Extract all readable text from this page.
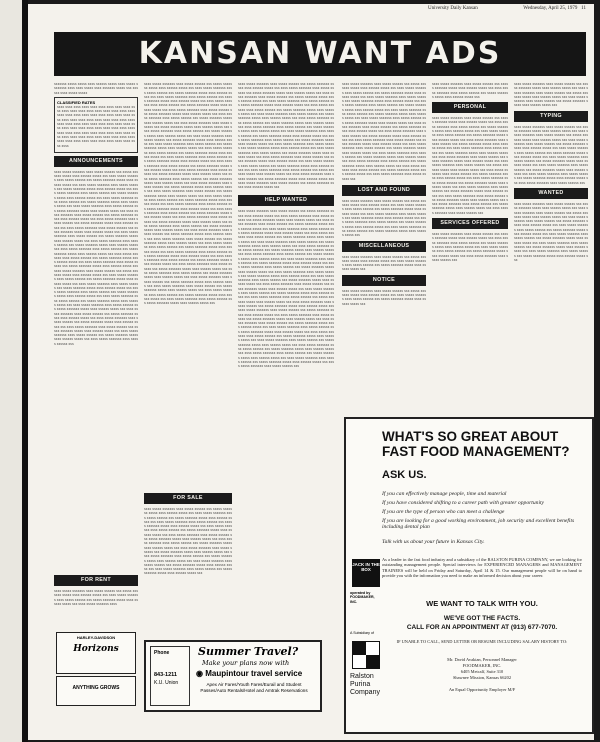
University Daily Kansan	Wednesday, April 25, 1979 11
KANSAN WANT ADS

xxxxxxx xxxxx xxxxx xxxx xxxxxx xxxxx xxxx xxxxx xxxxxxxx xxxx xxxx xxxxx xxxx xxxxxxx xxxxx xxx xxxxxx xxxx xxxxx xxxxx

CLASSIFIED RATES

xxxx xxxx xxxx xxxx xxxx xxxx xxxx xxxx xxxx xxxx xxxx xxxx xxxx xxxx xxxx xxxx xxxx xxxx xxxx xxxx xxxx xxxx xxxx xxxx xxxx xxxx xxxx xxxx xxxx xxxx xxxx xxxx xxxx xxxx xxxx xxxx xxxx xxxx xxxx xxxx xxxx xxxx xxxx xxxx xxxx xxxx xxxx xxxx xxxx xxxx xxxx xxxx xxxx xxxx xxxx xxxx xxxx xxxx xxxx xxxx xxxx xxxx xxxx xxxx xxxx xxxx xxxx xxxx xxxx xxxx xxxx xxxx xxxx xxxx xxxx xxxx xxxx xxxx xxxx xxxx xxxx xxxx xxxx xxxx xxxx xxxx xxxx

ANNOUNCEMENTS

xxxx xxxxx xxxxxxx xxxx xxxxx xxxxxx xxx xxxxx xxxxxxx xxxxx xxxx xxxxxx xxxxx xxx xxxx xxxxx xxxxxxx xxxx xxxxx xxxxxx xxx xxxxx xxxxxxx xxxxx xxxx xxxxxx xxxxx xxx xxxx xxxxx xxxxxxx xxxx xxxxx xxxxxx xxx xxxxx xxxxxxx xxxxx xxxx xxxxxx xxxxx xxx xxxx xxxxx xxxxxxx xxxx xxxxx xxxxxx xxx xxxxx xxxxxxx xxxxx xxxx xxxxxx xxxxx xxx xxxx xxxxx xxxxxxx xxxx xxxxx xxxxxx xxx xxxxx xxxxxxx xxxxx xxxx xxxxxx xxxxx xxx xxxx xxxxx xxxxxxx xxxx xxxxx xxxxxx xxx xxxxx xxxxxxx xxxxx xxxx xxxxxx xxxxx xxx xxxx xxxxx xxxxxxx xxxx xxxxx xxxxxx xxx xxxxx xxxxxxx xxxxx xxxx xxxxxx xxxxx xxx xxxx xxxxx xxxxxxx xxxx xxxxx xxxxxx xxx xxxxx xxxxxxx xxxxx xxxx xxxxxx xxxxx xxx xxxx xxxxx xxxxxxx xxxx xxxxx xxxxxx xxx xxxxx xxxxxxx xxxxx xxxx xxxxxx xxxxx xxx xxxx xxxxx xxxxxxx xxxx xxxxx xxxxxx xxx xxxxx xxxxxxx xxxxx xxxx xxxxxx xxxxx xxx xxxx xxxxx xxxxxxx xxxx xxxxx xxxxxx xxx xxxxx xxxxxxx xxxxx xxxx xxxxxx xxxxx xxx xxxx xxxxx xxxxxxx xxxx xxxxx xxxxxx xxx xxxxx xxxxxxx xxxxx xxxx xxxxxx xxxxx xxx xxxx xxxxx xxxxxxx xxxx xxxxx xxxxxx xxx xxxxx xxxxxxx xxxxx xxxx xxxxxx xxxxx xxx xxxx xxxxx xxxxxxx xxxx xxxxx xxxxxx xxx xxxxx xxxxxxx xxxxx xxxx xxxxxx xxxxx xxx xxxx xxxxx xxxxxxx xxxx xxxxx xxxxxx xxx xxxxx xxxxxxx xxxxx xxxx xxxxxx xxxxx xxx xxxx xxxxx xxxxxxx xxxx xxxxx xxxxxx xxx xxxxx xxxxxxx xxxxx xxxx xxxxxx xxxxx xxx xxxx xxxxx xxxxxxx xxxx xxxxx xxxxxx xxx xxxxx xxxxxxx xxxxx xxxx xxxxxx xxxxx xxx xxxx xxxxx xxxxxxx xxxx xxxxx xxxxxx xxx xxxxx xxxxxxx xxxxx xxxx xxxxxx xxxxx xxx xxxx xxxxx xxxxxxx xxxx xxxxx xxxxxx xxx xxxxx xxxxxxx xxxxx xxxx xxxxxx xxxxx xxx xxxx xxxxx xxxxxxx xxxx xxxxx xxxxxx xxx xxxxx xxxxxxx xxxxx xxxx xxxxxx xxxxx xxx xxxx xxxxx xxxxxxx xxxx xxxxx xxxxxx xxx xxxxx xxxxxxx xxxxx xxxx xxxxxx xxxxx xxx xxxx xxxxx xxxxxxx xxxx xxxxx xxxxxx xxx xxxxx xxxxxxx xxxxx xxxx xxxxxx xxxxx xxx xxxx xxxxx xxxxxxx xxxx xxxxx xxxxxx xxx xxxxx xxxxxxx xxxxx xxxx xxxxxx xxxxx xxx xxxx xxxxx xxxxxxx xxxx xxxxx xxxxxx xxx xxxxx xxxxxxx xxxxx xxxx xxxxxx xxxxx xxx xxxx xxxxx xxxxxxx xxxx xxxxx xxxxxx xxx

FOR RENT

xxxx xxxxx xxxxxxx xxxx xxxxx xxxxxx xxx xxxxx xxxxxxx xxxxx xxxx xxxxxx xxxxx xxx xxxx xxxxx xxxxxxx xxxx xxxxx xxxxxx xxx xxxxx xxxxxxx xxxxx xxxx xxxxxx xxxxx xxx xxxx xxxxx xxxxxxx xxxx

HARLEY-DAVIDSON
Horizons
ANYTHING GROWS

xxxx xxxxx xxxxxxx xxxx xxxxx xxxxxx xxx xxxxx xxxxxxx xxxxx xxxx xxxxxx xxxxx xxx xxxx xxxxx xxxxxxx xxxx xxxxx xxxxxx xxx xxxxx xxxxxxx xxxxx xxxx xxxxxx xxxxx xxx xxxx xxxxx xxxxxxx xxxx xxxxx xxxxxx xxx xxxxx xxxxxxx xxxxx xxxx xxxxxx xxxxx xxx xxxx xxxxx xxxxxxx xxxx xxxxx xxxxxx xxx xxxxx xxxxxxx xxxxx xxxx xxxxxx xxxxx xxx xxxx xxxxx xxxxxxx xxxx xxxxx xxxxxx xxx xxxxx xxxxxxx xxxxx xxxx xxxxxx xxxxx xxx xxxx xxxxx xxxxxxx xxxx xxxxx xxxxxx xxx xxxxx xxxxxxx xxxxx xxxx xxxxxx xxxxx xxx xxxx xxxxx xxxxxxx xxxx xxxxx xxxxxx xxx xxxxx xxxxxxx xxxxx xxxx xxxxxx xxxxx xxx xxxx xxxxx xxxxxxx xxxx xxxxx xxxxxx xxx xxxxx xxxxxxx xxxxx xxxx xxxxxx xxxxx xxx xxxx xxxxx xxxxxxx xxxx xxxxx xxxxxx xxx xxxxx xxxxxxx xxxxx xxxx xxxxxx xxxxx xxx xxxx xxxxx xxxxxxx xxxx xxxxx xxxxxx xxx xxxxx xxxxxxx xxxxx xxxx xxxxxx xxxxx xxx xxxx xxxxx xxxxxxx xxxx xxxxx xxxxxx xxx xxxxx xxxxxxx xxxxx xxxx xxxxxx xxxxx xxx xxxx xxxxx xxxxxxx xxxx xxxxx xxxxxx xxx xxxxx xxxxxxx xxxxx xxxx xxxxxx xxxxx xxx xxxx xxxxx xxxxxxx xxxx xxxxx xxxxxx xxx xxxxx xxxxxxx xxxxx xxxx xxxxxx xxxxx xxx xxxx xxxxx xxxxxxx xxxx xxxxx xxxxxx xxx xxxxx xxxxxxx xxxxx xxxx xxxxxx xxxxx xxx xxxx xxxxx xxxxxxx xxxx xxxxx xxxxxx xxx xxxxx xxxxxxx xxxxx xxxx xxxxxx xxxxx xxx xxxx xxxxx xxxxxxx xxxx xxxxx xxxxxx xxx xxxxx xxxxxxx xxxxx xxxx xxxxxx xxxxx xxx xxxx xxxxx xxxxxxx xxxx xxxxx xxxxxx xxx xxxxx xxxxxxx xxxxx xxxx xxxxxx xxxxx xxx xxxx xxxxx xxxxxxx xxxx xxxxx xxxxxx xxx xxxxx xxxxxxx xxxxx xxxx xxxxxx xxxxx xxx xxxx xxxxx xxxxxxx xxxx xxxxx xxxxxx xxx xxxxx xxxxxxx xxxxx xxxx xxxxxx xxxxx xxx xxxx xxxxx xxxxxxx xxxx xxxxx xxxxxx xxx xxxxx xxxxxxx xxxxx xxxx xxxxxx xxxxx xxx xxxx xxxxx xxxxxxx xxxx xxxxx xxxxxx xxx xxxxx xxxxxxx xxxxx xxxx xxxxxx xxxxx xxx xxxx xxxxx xxxxxxx xxxx xxxxx xxxxxx xxx xxxxx xxxxxxx xxxxx xxxx xxxxxx xxxxx xxx xxxx xxxxx xxxxxxx xxxx xxxxx xxxxxx xxx xxxxx xxxxxxx xxxxx xxxx xxxxxx xxxxx xxx xxxx xxxxx xxxxxxx xxxx xxxxx xxxxxx xxx xxxxx xxxxxxx xxxxx xxxx xxxxxx xxxxx xxx xxxx xxxxx xxxxxxx xxxx xxxxx xxxxxx xxx xxxxx xxxxxxx xxxxx xxxx xxxxxx xxxxx xxx xxxx xxxxx xxxxxxx xxxx xxxxx xxxxxx xxx xxxxx xxxxxxx xxxxx xxxx xxxxxx xxxxx xxx xxxx xxxxx xxxxxxx xxxx xxxxx xxxxxx xxx xxxxx xxxxxxx xxxxx xxxx xxxxxx xxxxx xxx xxxx xxxxx xxxxxxx xxxx xxxxx xxxxxx xxx xxxxx xxxxxxx xxxxx xxxx xxxxxx xxxxx xxx xxxx xxxxx xxxxxxx xxxx xxxxx xxxxxx xxx xxxxx xxxxxxx xxxxx xxxx xxxxxx xxxxx xxx xxxx xxxxx xxxxxxx xxxx xxxxx xxxxxx xxx xxxxx xxxxxxx xxxxx xxxx xxxxxx xxxxx xxx xxxx xxxxx xxxxxxx xxxx xxxxx xxxxxx xxx xxxxx xxxxxxx xxxxx xxxx xxxxxx xxxxx xxx xxxx xxxxx xxxxxxx xxxx xxxxx xxxxxx xxx xxxxx xxxxxxx xxxxx xxxx xxxxxx xxxxx xxx xxxx xxxxx xxxxxxx xxxx xxxxx xxxxxx xxx xxxxx xxxxxxx xxxxx xxxx xxxxxx xxxxx xxx

FOR SALE

xxxx xxxxx xxxxxxx xxxx xxxxx xxxxxx xxx xxxxx xxxxxxx xxxxx xxxx xxxxxx xxxxx xxx xxxx xxxxx xxxxxxx xxxx xxxxx xxxxxx xxx xxxxx xxxxxxx xxxxx xxxx xxxxxx xxxxx xxx xxxx xxxxx xxxxxxx xxxx xxxxx xxxxxx xxx xxxxx xxxxxxx xxxxx xxxx xxxxxx xxxxx xxx xxxx xxxxx xxxxxxx xxxx xxxxx xxxxxx xxx xxxxx xxxxxxx xxxxx xxxx xxxxxx xxxxx xxx xxxx xxxxx xxxxxxx xxxx xxxxx xxxxxx xxx xxxxx xxxxxxx xxxxx xxxx xxxxxx xxxxx xxx xxxx xxxxx xxxxxxx xxxx xxxxx xxxxxx xxx xxxxx xxxxxxx xxxxx xxxx xxxxxx xxxxx xxx xxxx xxxxx xxxxxxx xxxx xxxxx xxxxxx xxx xxxxx xxxxxxx xxxxx xxxx xxxxxx xxxxx xxx xxxx xxxxx xxxxxxx xxxx xxxxx xxxxxx xxx xxxxx xxxxxxx xxxxx xxxx xxxxxx xxxxx xxx xxxx xxxxx xxxxxxx xxxx xxxxx xxxxxx xxx xxxxx xxxxxxx xxxxx xxxx xxxxxx xxxxx xxx xxxx xxxxx xxxxxxx xxxx xxxxx xxxxxx xxx xxxxx xxxxxxx xxxxx xxxx xxxxxx xxxxx xxx

Phone
843-1211
K.U. Union
Summer Travel?
Make your plans now with
◉ Maupintour travel service
Apex Air Fares/Youth Fares/Eurail and Student Passes/Auto Rentals/Hotel and Amtrak Reservations

xxxx xxxxx xxxxxxx xxxx xxxxx xxxxxx xxx xxxxx xxxxxxx xxxxx xxxx xxxxxx xxxxx xxx xxxx xxxxx xxxxxxx xxxx xxxxx xxxxxx xxx xxxxx xxxxxxx xxxxx xxxx xxxxxx xxxxx xxx xxxx xxxxx xxxxxxx xxxx xxxxx xxxxxx xxx xxxxx xxxxxxx xxxxx xxxx xxxxxx xxxxx xxx xxxx xxxxx xxxxxxx xxxx xxxxx xxxxxx xxx xxxxx xxxxxxx xxxxx xxxx xxxxxx xxxxx xxx xxxx xxxxx xxxxxxx xxxx xxxxx xxxxxx xxx xxxxx xxxxxxx xxxxx xxxx xxxxxx xxxxx xxx xxxx xxxxx xxxxxxx xxxx xxxxx xxxxxx xxx xxxxx xxxxxxx xxxxx xxxx xxxxxx xxxxx xxx xxxx xxxxx xxxxxxx xxxx xxxxx xxxxxx xxx xxxxx xxxxxxx xxxxx xxxx xxxxxx xxxxx xxx xxxx xxxxx xxxxxxx xxxx xxxxx xxxxxx xxx xxxxx xxxxxxx xxxxx xxxx xxxxxx xxxxx xxx xxxx xxxxx xxxxxxx xxxx xxxxx xxxxxx xxx xxxxx xxxxxxx xxxxx xxxx xxxxxx xxxxx xxx xxxx xxxxx xxxxxxx xxxx xxxxx xxxxxx xxx xxxxx xxxxxxx xxxxx xxxx xxxxxx xxxxx xxx xxxx xxxxx xxxxxxx xxxx xxxxx xxxxxx xxx xxxxx xxxxxxx xxxxx xxxx xxxxxx xxxxx xxx xxxx xxxxx xxxxxxx xxxx xxxxx xxxxxx xxx xxxxx xxxxxxx xxxxx xxxx xxxxxx xxxxx xxx xxxx xxxxx xxxxxxx xxxx xxxxx xxxxxx xxx xxxxx xxxxxxx xxxxx xxxx xxxxxx xxxxx xxx xxxx xxxxx xxxxxxx xxxx xxxxx xxxxxx xxx xxxxx xxxxxxx xxxxx xxxx xxxxxx xxxxx xxx xxxx xxxxx xxxxxxx xxxx xxxxx xxxxxx xxx xxxxx xxxxxxx xxxxx xxxx xxxxxx xxxxx xxx xxxx xxxxx xxxxxxx xxxx xxxxx xxxxxx xxx xxxxx xxxxxxx xxxxx xxxx xxxxxx xxxxx xxx xxxx xxxxx xxxxxxx xxxx xxxxx xxxxxx xxx xxxxx xxxxxxx xxxxx xxxx xxxxxx xxxxx xxx

HELP WANTED

xxxx xxxxx xxxxxxx xxxx xxxxx xxxxxx xxx xxxxx xxxxxxx xxxxx xxxx xxxxxx xxxxx xxx xxxx xxxxx xxxxxxx xxxx xxxxx xxxxxx xxx xxxxx xxxxxxx xxxxx xxxx xxxxxx xxxxx xxx xxxx xxxxx xxxxxxx xxxx xxxxx xxxxxx xxx xxxxx xxxxxxx xxxxx xxxx xxxxxx xxxxx xxx xxxx xxxxx xxxxxxx xxxx xxxxx xxxxxx xxx xxxxx xxxxxxx xxxxx xxxx xxxxxx xxxxx xxx xxxx xxxxx xxxxxxx xxxx xxxxx xxxxxx xxx xxxxx xxxxxxx xxxxx xxxx xxxxxx xxxxx xxx xxxx xxxxx xxxxxxx xxxx xxxxx xxxxxx xxx xxxxx xxxxxxx xxxxx xxxx xxxxxx xxxxx xxx xxxx xxxxx xxxxxxx xxxx xxxxx xxxxxx xxx xxxxx xxxxxxx xxxxx xxxx xxxxxx xxxxx xxx xxxx xxxxx xxxxxxx xxxx xxxxx xxxxxx xxx xxxxx xxxxxxx xxxxx xxxx xxxxxx xxxxx xxx xxxx xxxxx xxxxxxx xxxx xxxxx xxxxxx xxx xxxxx xxxxxxx xxxxx xxxx xxxxxx xxxxx xxx xxxx xxxxx xxxxxxx xxxx xxxxx xxxxxx xxx xxxxx xxxxxxx xxxxx xxxx xxxxxx xxxxx xxx xxxx xxxxx xxxxxxx xxxx xxxxx xxxxxx xxx xxxxx xxxxxxx xxxxx xxxx xxxxxx xxxxx xxx xxxx xxxxx xxxxxxx xxxx xxxxx xxxxxx xxx xxxxx xxxxxxx xxxxx xxxx xxxxxx xxxxx xxx xxxx xxxxx xxxxxxx xxxx xxxxx xxxxxx xxx xxxxx xxxxxxx xxxxx xxxx xxxxxx xxxxx xxx xxxx xxxxx xxxxxxx xxxx xxxxx xxxxxx xxx xxxxx xxxxxxx xxxxx xxxx xxxxxx xxxxx xxx xxxx xxxxx xxxxxxx xxxx xxxxx xxxxxx xxx xxxxx xxxxxxx xxxxx xxxx xxxxxx xxxxx xxx xxxx xxxxx xxxxxxx xxxx xxxxx xxxxxx xxx xxxxx xxxxxxx xxxxx xxxx xxxxxx xxxxx xxx xxxx xxxxx xxxxxxx xxxx xxxxx xxxxxx xxx xxxxx xxxxxxx xxxxx xxxx xxxxxx xxxxx xxx xxxx xxxxx xxxxxxx xxxx xxxxx xxxxxx xxx xxxxx xxxxxxx xxxxx xxxx xxxxxx xxxxx xxx xxxx xxxxx xxxxxxx xxxx xxxxx xxxxxx xxx xxxxx xxxxxxx xxxxx xxxx xxxxxx xxxxx xxx xxxx xxxxx xxxxxxx xxxx xxxxx xxxxxx xxx xxxxx xxxxxxx xxxxx xxxx xxxxxx xxxxx xxx xxxx xxxxx xxxxxxx xxxx xxxxx xxxxxx xxx xxxxx xxxxxxx xxxxx xxxx xxxxxx xxxxx xxx xxxx xxxxx xxxxxxx xxxx xxxxx xxxxxx xxx xxxxx xxxxxxx xxxxx xxxx xxxxxx xxxxx xxx xxxx xxxxx xxxxxxx xxxx xxxxx xxxxxx xxx xxxxx xxxxxxx xxxxx xxxx xxxxxx xxxxx xxx xxxx xxxxx xxxxxxx xxxx xxxxx xxxxxx xxx xxxxx xxxxxxx xxxxx xxxx xxxxxx xxxxx xxx xxxx xxxxx xxxxxxx xxxx xxxxx xxxxxx xxx xxxxx xxxxxxx xxxxx xxxx xxxxxx xxxxx xxx xxxx xxxxx xxxxxxx xxxx xxxxx xxxxxx xxx

xxxx xxxxx xxxxxxx xxxx xxxxx xxxxxx xxx xxxxx xxxxxxx xxxxx xxxx xxxxxx xxxxx xxx xxxx xxxxx xxxxxxx xxxx xxxxx xxxxxx xxx xxxxx xxxxxxx xxxxx xxxx xxxxxx xxxxx xxx xxxx xxxxx xxxxxxx xxxx xxxxx xxxxxx xxx xxxxx xxxxxxx xxxxx xxxx xxxxxx xxxxx xxx xxxx xxxxx xxxxxxx xxxx xxxxx xxxxxx xxx xxxxx xxxxxxx xxxxx xxxx xxxxxx xxxxx xxx xxxx xxxxx xxxxxxx xxxx xxxxx xxxxxx xxx xxxxx xxxxxxx xxxxx xxxx xxxxxx xxxxx xxx xxxx xxxxx xxxxxxx xxxx xxxxx xxxxxx xxx xxxxx xxxxxxx xxxxx xxxx xxxxxx xxxxx xxx xxxx xxxxx xxxxxxx xxxx xxxxx xxxxxx xxx xxxxx xxxxxxx xxxxx xxxx xxxxxx xxxxx xxx xxxx xxxxx xxxxxxx xxxx xxxxx xxxxxx xxx xxxxx xxxxxxx xxxxx xxxx xxxxxx xxxxx xxx xxxx xxxxx xxxxxxx xxxx xxxxx xxxxxx xxx xxxxx xxxxxxx xxxxx xxxx xxxxxx xxxxx xxx xxxx xxxxx xxxxxxx xxxx xxxxx xxxxxx xxx xxxxx xxxxxxx xxxxx xxxx xxxxxx xxxxx xxx xxxx xxxxx xxxxxxx xxxx xxxxx xxxxxx xxx xxxxx xxxxxxx xxxxx xxxx xxxxxx xxxxx xxx xxxx xxxxx xxxxxxx xxxx xxxxx xxxxxx xxx xxxxx xxxxxxx xxxxx xxxx xxxxxx xxxxx xxx xxxx xxxxx xxxxxxx xxxx xxxxx xxxxxx xxx xxxxx xxxxxxx xxxxx xxxx xxxxxx xxxxx xxx xxxx xxxxx xxxxxxx xxxx xxxxx xxxxxx xxx

LOST AND FOUND

xxxx xxxxx xxxxxxx xxxx xxxxx xxxxxx xxx xxxxx xxxxxxx xxxxx xxxx xxxxxx xxxxx xxx xxxx xxxxx xxxxxxx xxxx xxxxx xxxxxx xxx xxxxx xxxxxxx xxxxx xxxx xxxxxx xxxxx xxx xxxx xxxxx xxxxxxx xxxx xxxxx xxxxxx xxx xxxxx xxxxxxx xxxxx xxxx xxxxxx xxxxx xxx xxxx xxxxx xxxxxxx xxxx xxxxx xxxxxx xxx xxxxx xxxxxxx xxxxx xxxx xxxxxx xxxxx xxx xxxx xxxxx xxxxxxx xxxx xxxxx xxxxxx xxx xxxxx xxxxxxx xxxxx xxxx xxxxxx xxxxx xxx

MISCELLANEOUS

xxxx xxxxx xxxxxxx xxxx xxxxx xxxxxx xxx xxxxx xxxxxxx xxxxx xxxx xxxxxx xxxxx xxx xxxx xxxxx xxxxxxx xxxx xxxxx xxxxxx xxx xxxxx xxxxxxx xxxxx xxxx xxxxxx xxxxx xxx

NOTICE

xxxx xxxxx xxxxxxx xxxx xxxxx xxxxxx xxx xxxxx xxxxxxx xxxxx xxxx xxxxxx xxxxx xxx xxxx xxxxx xxxxxxx xxxx xxxxx xxxxxx xxx xxxxx xxxxxxx xxxxx xxxx xxxxxx xxxxx xxx

xxxx xxxxx xxxxxxx xxxx xxxxx xxxxxx xxx xxxxx xxxxxxx xxxxx xxxx xxxxxx xxxxx xxx xxxx xxxxx xxxxxxx xxxx xxxxx xxxxxx xxx xxxxx xxxxxxx xxxxx xxxx xxxxxx xxxxx xxx

PERSONAL

xxxx xxxxx xxxxxxx xxxx xxxxx xxxxxx xxx xxxxx xxxxxxx xxxxx xxxx xxxxxx xxxxx xxx xxxx xxxxx xxxxxxx xxxx xxxxx xxxxxx xxx xxxxx xxxxxxx xxxxx xxxx xxxxxx xxxxx xxx xxxx xxxxx xxxxxxx xxxx xxxxx xxxxxx xxx xxxxx xxxxxxx xxxxx xxxx xxxxxx xxxxx xxx xxxx xxxxx xxxxxxx xxxx xxxxx xxxxxx xxx xxxxx xxxxxxx xxxxx xxxx xxxxxx xxxxx xxx xxxx xxxxx xxxxxxx xxxx xxxxx xxxxxx xxx xxxxx xxxxxxx xxxxx xxxx xxxxxx xxxxx xxx xxxx xxxxx xxxxxxx xxxx xxxxx xxxxxx xxx xxxxx xxxxxxx xxxxx xxxx xxxxxx xxxxx xxx xxxx xxxxx xxxxxxx xxxx xxxxx xxxxxx xxx xxxxx xxxxxxx xxxxx xxxx xxxxxx xxxxx xxx xxxx xxxxx xxxxxxx xxxx xxxxx xxxxxx xxx xxxxx xxxxxxx xxxxx xxxx xxxxxx xxxxx xxx xxxx xxxxx xxxxxxx xxxx xxxxx xxxxxx xxx xxxxx xxxxxxx xxxxx xxxx xxxxxx xxxxx xxx xxxx xxxxx xxxxxxx xxxx xxxxx xxxxxx xxx xxxxx xxxxxxx xxxxx xxxx xxxxxx xxxxx xxx xxxx xxxxx xxxxxxx xxxx xxxxx xxxxxx xxx xxxxx xxxxxxx xxxxx xxxx xxxxxx xxxxx xxx xxxx xxxxx xxxxxxx xxxx xxxxx xxxxxx xxx xxxxx xxxxxxx xxxxx xxxx xxxxxx xxxxx xxx xxxx xxxxx xxxxxxx xxxx xxxxx xxxxxx xxx

SERVICES OFFERED

xxxx xxxxx xxxxxxx xxxx xxxxx xxxxxx xxx xxxxx xxxxxxx xxxxx xxxx xxxxxx xxxxx xxx xxxx xxxxx xxxxxxx xxxx xxxxx xxxxxx xxx xxxxx xxxxxxx xxxxx xxxx xxxxxx xxxxx xxx xxxx xxxxx xxxxxxx xxxx xxxxx xxxxxx xxx xxxxx xxxxxxx xxxxx xxxx xxxxxx xxxxx xxx xxxx xxxxx xxxxxxx xxxx xxxxx xxxxxx xxx

xxxx xxxxx xxxxxxx xxxx xxxxx xxxxxx xxx xxxxx xxxxxxx xxxxx xxxx xxxxxx xxxxx xxx xxxx xxxxx xxxxxxx xxxx xxxxx xxxxxx xxx xxxxx xxxxxxx xxxxx xxxx xxxxxx xxxxx xxx xxxx xxxxx xxxxxxx xxxx xxxxx xxxxxx xxx xxxxx xxxxxxx xxxxx xxxx xxxxxx xxxxx xxx

TYPING

xxxx xxxxx xxxxxxx xxxx xxxxx xxxxxx xxx xxxxx xxxxxxx xxxxx xxxx xxxxxx xxxxx xxx xxxx xxxxx xxxxxxx xxxx xxxxx xxxxxx xxx xxxxx xxxxxxx xxxxx xxxx xxxxxx xxxxx xxx xxxx xxxxx xxxxxxx xxxx xxxxx xxxxxx xxx xxxxx xxxxxxx xxxxx xxxx xxxxxx xxxxx xxx xxxx xxxxx xxxxxxx xxxx xxxxx xxxxxx xxx xxxxx xxxxxxx xxxxx xxxx xxxxxx xxxxx xxx xxxx xxxxx xxxxxxx xxxx xxxxx xxxxxx xxx xxxxx xxxxxxx xxxxx xxxx xxxxxx xxxxx xxx xxxx xxxxx xxxxxxx xxxx xxxxx xxxxxx xxx xxxxx xxxxxxx xxxxx xxxx xxxxxx xxxxx xxx xxxx xxxxx xxxxxxx xxxx xxxxx xxxxxx xxx xxxxx xxxxxxx xxxxx xxxx xxxxxx xxxxx xxx xxxx xxxxx xxxxxxx xxxx xxxxx xxxxxx xxx

WANTED

xxxx xxxxx xxxxxxx xxxx xxxxx xxxxxx xxx xxxxx xxxxxxx xxxxx xxxx xxxxxx xxxxx xxx xxxx xxxxx xxxxxxx xxxx xxxxx xxxxxx xxx xxxxx xxxxxxx xxxxx xxxx xxxxxx xxxxx xxx xxxx xxxxx xxxxxxx xxxx xxxxx xxxxxx xxx xxxxx xxxxxxx xxxxx xxxx xxxxxx xxxxx xxx xxxx xxxxx xxxxxxx xxxx xxxxx xxxxxx xxx xxxxx xxxxxxx xxxxx xxxx xxxxxx xxxxx xxx xxxx xxxxx xxxxxxx xxxx xxxxx xxxxxx xxx xxxxx xxxxxxx xxxxx xxxx xxxxxx xxxxx xxx xxxx xxxxx xxxxxxx xxxx xxxxx xxxxxx xxx xxxxx xxxxxxx xxxxx xxxx xxxxxx xxxxx xxx xxxx xxxxx xxxxxxx xxxx xxxxx xxxxxx xxx xxxxx xxxxxxx xxxxx xxxx xxxxxx xxxxx xxx

WHAT'S SO GREAT ABOUT FAST FOOD MANAGEMENT?
ASK US.
If you can effectively manage people, time and material
If you have considered shifting to a career path with greater opportunity
If you are the type of person who can meet a challenge
If you are looking for a good working environment, job security and excellent benefits including dental plan
Talk with us about your future in Kansas City.
As a leader in the fast food industry and a subsidiary of the RALSTON PURINA COMPANY, we are looking for outstanding management people. Special interviews for EXPERIENCED MANAGERS and MANAGEMENT TRAINEES will be held on Friday and Saturday, April 14 & 15. Our management people will be on hand to provide you with the information you need to make an informed decision about your career.
WE WANT TO TALK WITH YOU.
WE'VE GOT THE FACTS.
CALL FOR AN APPOINTMENT AT (913) 677-7070.
IF UNABLE TO CALL, SEND LETTER OR RESUME INCLUDING SALARY HISTORY TO:
Mr. David Avakian, Personnel Manager
FOODMAKER, INC.
6405 Metcalf, Suite 310
Shawnee Mission, Kansas 66202
An Equal Opportunity Employer M/F
JACK IN THE BOX
operated by FOODMAKER, INC.
A Subsidiary of
Ralston Purina Company
